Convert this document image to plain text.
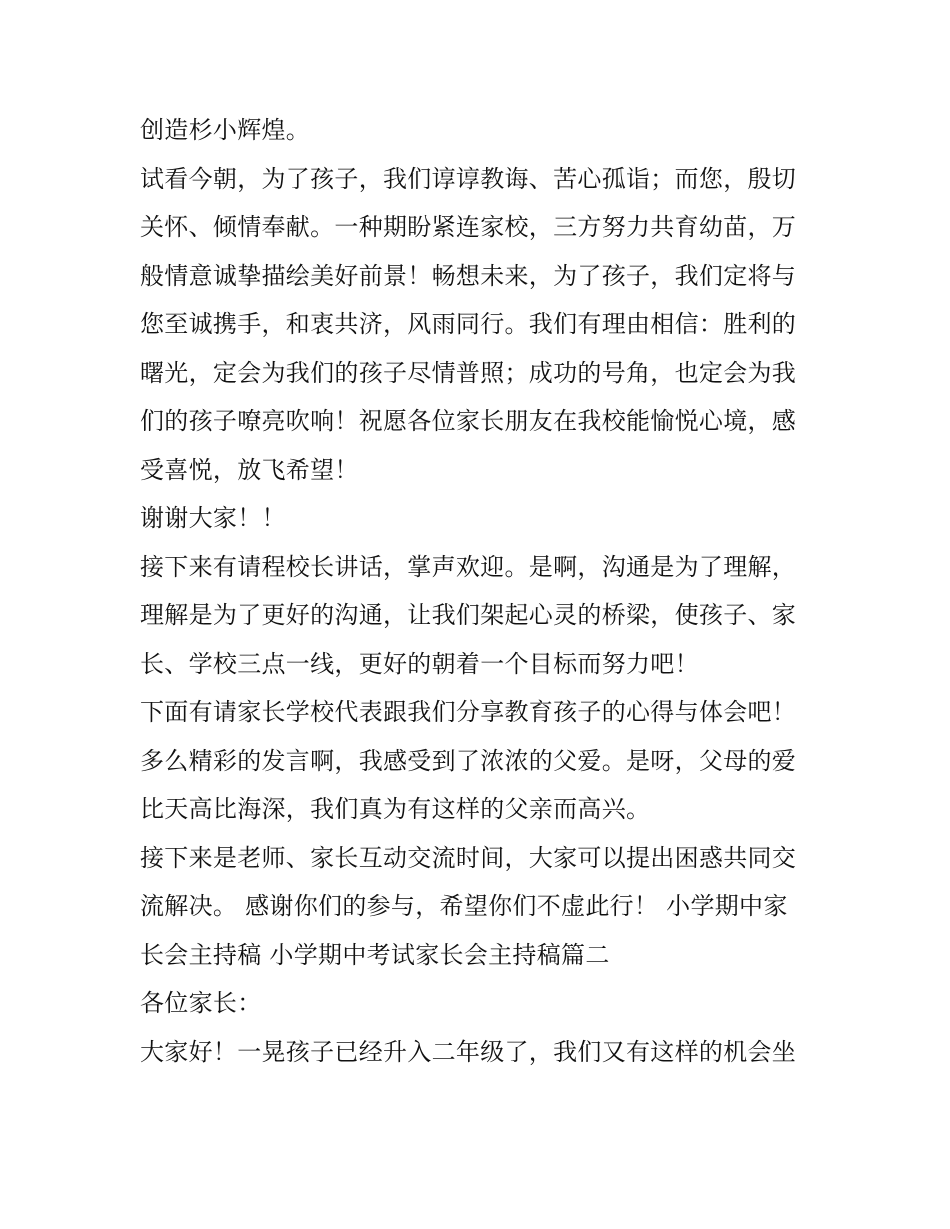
创造杉小辉煌。
试看今朝，为了孩子，我们谆谆教诲、苦心孤诣；而您，殷切
关怀、倾情奉献。一种期盼紧连家校，三方努力共育幼苗，万
般情意诚挚描绘美好前景！畅想未来，为了孩子，我们定将与
您至诚携手，和衷共济，风雨同行。我们有理由相信：胜利的
曙光，定会为我们的孩子尽情普照；成功的号角，也定会为我
们的孩子嘹亮吹响！祝愿各位家长朋友在我校能愉悦心境，感
受喜悦，放飞希望！
谢谢大家！！
接下来有请程校长讲话，掌声欢迎。是啊，沟通是为了理解，
理解是为了更好的沟通，让我们架起心灵的桥梁，使孩子、家
长、学校三点一线，更好的朝着一个目标而努力吧！
下面有请家长学校代表跟我们分享教育孩子的心得与体会吧！
多么精彩的发言啊，我感受到了浓浓的父爱。是呀，父母的爱
比天高比海深，我们真为有这样的父亲而高兴。
接下来是老师、家长互动交流时间，大家可以提出困惑共同交
流解决。 感谢你们的参与，希望你们不虚此行！ 小学期中家
长会主持稿 小学期中考试家长会主持稿篇二
各位家长：
大家好！一晃孩子已经升入二年级了，我们又有这样的机会坐
